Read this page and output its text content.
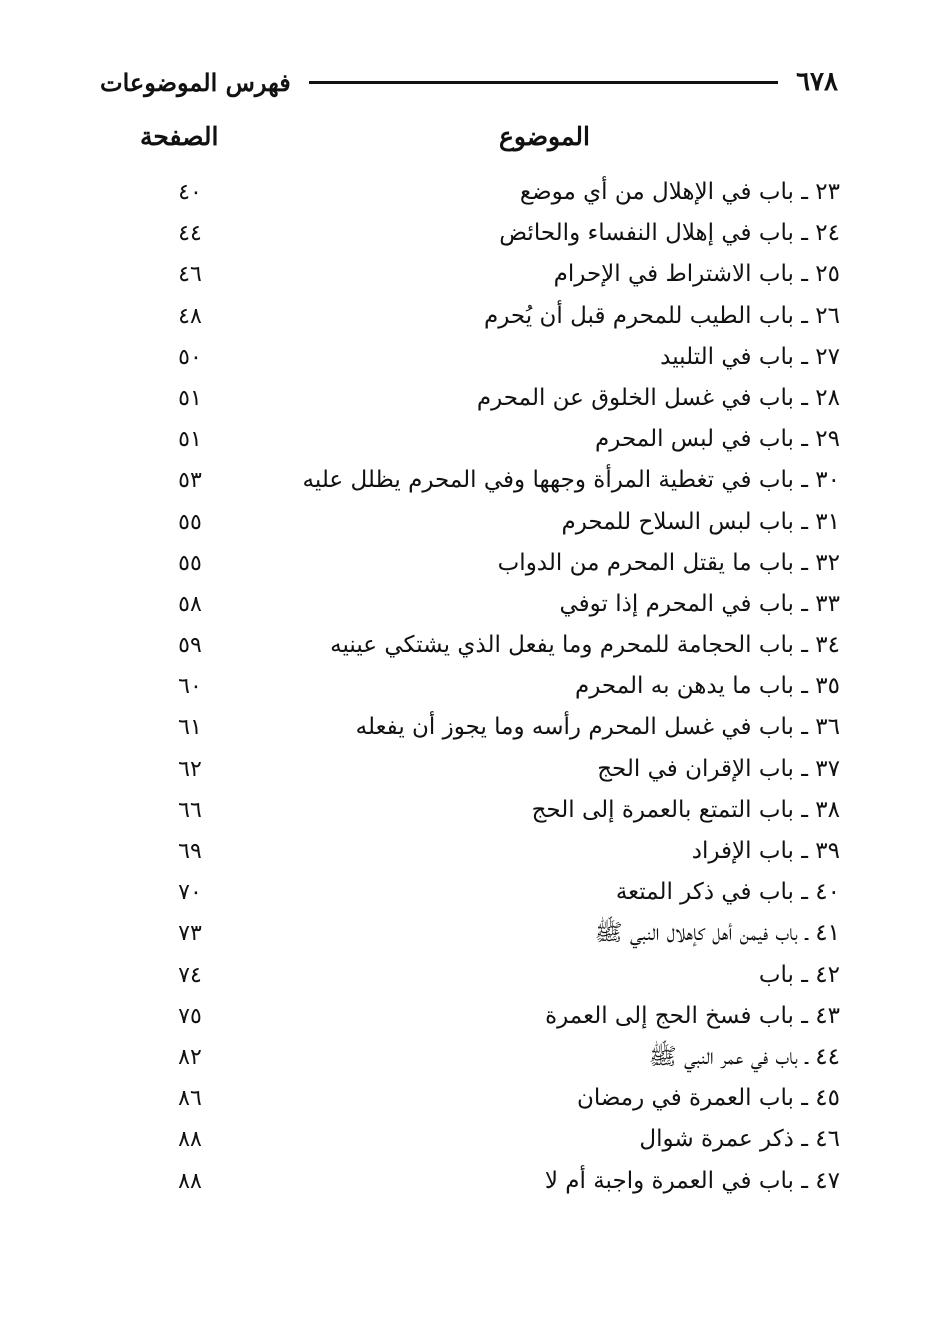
٦٧٨
فهرس الموضوعات
الموضوع
الصفحة
٢٣ ـ باب في الإهلال من أي موضع
٤٠
٢٤ ـ باب في إهلال النفساء والحائض
٤٤
٢٥ ـ باب الاشتراط في الإحرام
٤٦
٢٦ ـ باب الطيب للمحرم قبل أن يُحرم
٤٨
٢٧ ـ باب في التلبيد
٥٠
٢٨ ـ باب في غسل الخلوق عن المحرم
٥١
٢٩ ـ باب في لبس المحرم
٥١
٣٠ ـ باب في تغطية المرأة وجهها وفي المحرم يظلل عليه
٥٣
٣١ ـ باب لبس السلاح للمحرم
٥٥
٣٢ ـ باب ما يقتل المحرم من الدواب
٥٥
٣٣ ـ باب في المحرم إذا توفي
٥٨
٣٤ ـ باب الحجامة للمحرم وما يفعل الذي يشتكي عينيه
٥٩
٣٥ ـ باب ما يدهن به المحرم
٦٠
٣٦ ـ باب في غسل المحرم رأسه وما يجوز أن يفعله
٦١
٣٧ ـ باب الإقران في الحج
٦٢
٣٨ ـ باب التمتع بالعمرة إلى الحج
٦٦
٣٩ ـ باب الإفراد
٦٩
٤٠ ـ باب في ذكر المتعة
٧٠
٤١ ـ باب فيمن أهل كإهلال النبي ﷺ
٧٣
٤٢ ـ باب
٧٤
٤٣ ـ باب فسخ الحج إلى العمرة
٧٥
٤٤ ـ باب في عمر النبي ﷺ
٨٢
٤٥ ـ باب العمرة في رمضان
٨٦
٤٦ ـ ذكر عمرة شوال
٨٨
٤٧ ـ باب في العمرة واجبة أم لا
٨٨
